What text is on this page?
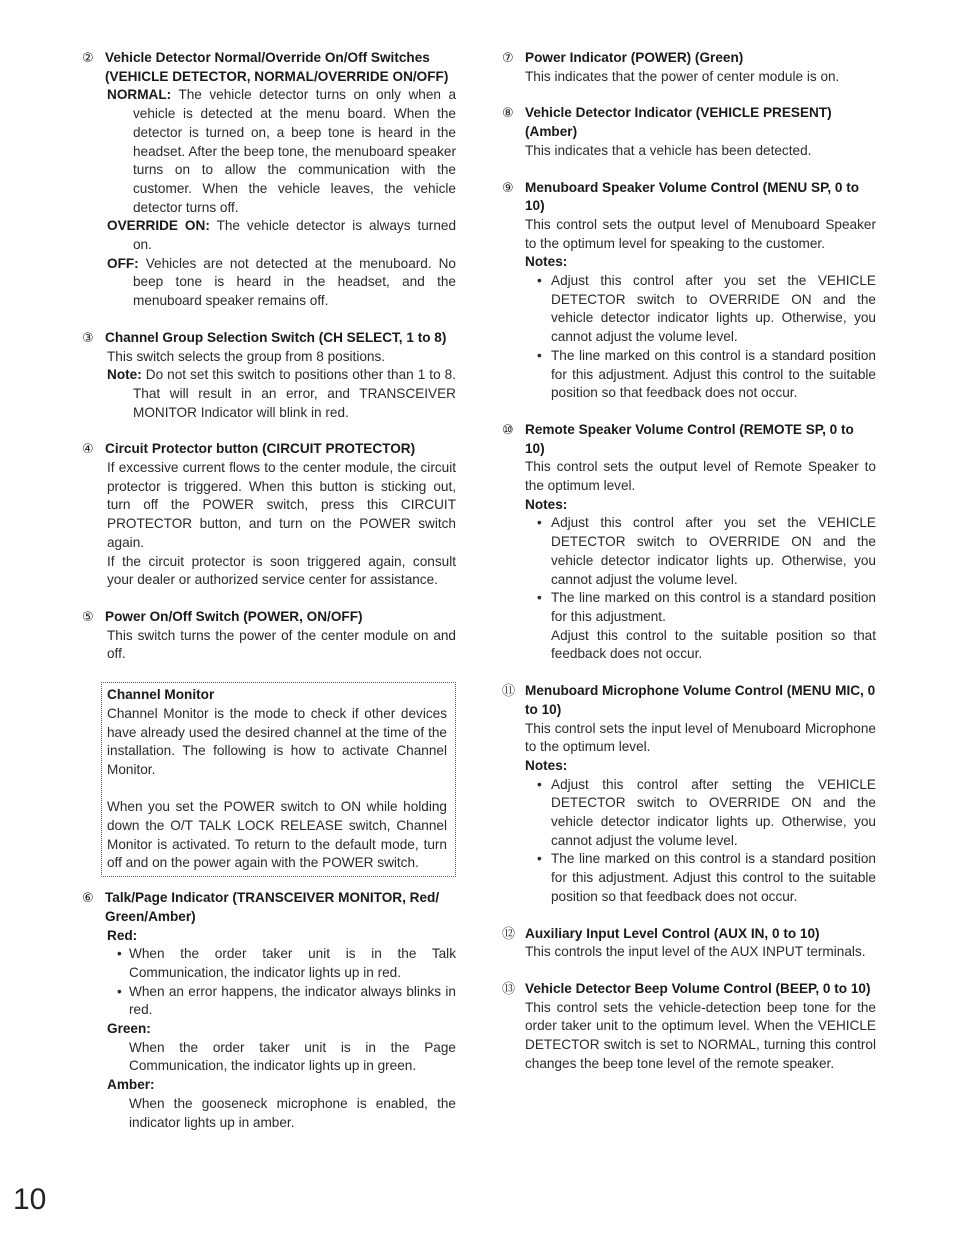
② Vehicle Detector Normal/Override On/Off Switches (VEHICLE DETECTOR, NORMAL/OVERRIDE ON/OFF)

NORMAL: The vehicle detector turns on only when a vehicle is detected at the menu board. When the detector is turned on, a beep tone is heard in the headset. After the beep tone, the menuboard speaker turns on to allow the communication with the customer. When the vehicle leaves, the vehicle detector turns off.

OVERRIDE ON: The vehicle detector is always turned on.

OFF: Vehicles are not detected at the menuboard. No beep tone is heard in the headset, and the menuboard speaker remains off.

③ Channel Group Selection Switch (CH SELECT, 1 to 8)

This switch selects the group from 8 positions.

Note: Do not set this switch to positions other than 1 to 8. That will result in an error, and TRANSCEIVER MONITOR Indicator will blink in red.

④ Circuit Protector button (CIRCUIT PROTECTOR)

If excessive current flows to the center module, the circuit protector is triggered. When this button is sticking out, turn off the POWER switch, press this CIRCUIT PROTECTOR button, and turn on the POWER switch again.

If the circuit protector is soon triggered again, consult your dealer or authorized service center for assistance.

⑤ Power On/Off Switch (POWER, ON/OFF)

This switch turns the power of the center module on and off.

Channel Monitor

Channel Monitor is the mode to check if other devices have already used the desired channel at the time of the installation. The following is how to activate Channel Monitor.

When you set the POWER switch to ON while holding down the O/T TALK LOCK RELEASE switch, Channel Monitor is activated. To return to the default mode, turn off and on the power again with the POWER switch.

⑥ Talk/Page Indicator (TRANSCEIVER MONITOR, Red/ Green/Amber)

Red:

• When the order taker unit is in the Talk Communication, the indicator lights up in red.
• When an error happens, the indicator always blinks in red.

Green:

When the order taker unit is in the Page Communication, the indicator lights up in green.

Amber:

When the gooseneck microphone is enabled, the indicator lights up in amber.

⑦ Power Indicator (POWER) (Green)

This indicates that the power of center module is on.

⑧ Vehicle Detector Indicator (VEHICLE PRESENT) (Amber)

This indicates that a vehicle has been detected.

⑨ Menuboard Speaker Volume Control (MENU SP, 0 to 10)

This control sets the output level of Menuboard Speaker to the optimum level for speaking to the customer.

Notes:

• Adjust this control after you set the VEHICLE DETECTOR switch to OVERRIDE ON and the vehicle detector indicator lights up. Otherwise, you cannot adjust the volume level.
• The line marked on this control is a standard position for this adjustment. Adjust this control to the suitable position so that feedback does not occur.
⑩ Remote Speaker Volume Control (REMOTE SP, 0 to 10)

This control sets the output level of Remote Speaker to the optimum level.

Notes:

• Adjust this control after you set the VEHICLE DETECTOR switch to OVERRIDE ON and the vehicle detector indicator lights up. Otherwise, you cannot adjust the volume level.
• The line marked on this control is a standard position for this adjustment.

Adjust this control to the suitable position so that feedback does not occur.

⑪ Menuboard Microphone Volume Control (MENU MIC, 0 to 10)

This control sets the input level of Menuboard Microphone to the optimum level.

Notes:

• Adjust this control after setting the VEHICLE DETECTOR switch to OVERRIDE ON and the vehicle detector indicator lights up. Otherwise, you cannot adjust the volume level.
• The line marked on this control is a standard position for this adjustment. Adjust this control to the suitable position so that feedback does not occur.
⑫ Auxiliary Input Level Control (AUX IN, 0 to 10)

This controls the input level of the AUX INPUT terminals.

⑬ Vehicle Detector Beep Volume Control (BEEP, 0 to 10)

This control sets the vehicle-detection beep tone for the order taker unit to the optimum level. When the VEHICLE DETECTOR switch is set to NORMAL, turning this control changes the beep tone level of the remote speaker.

10
